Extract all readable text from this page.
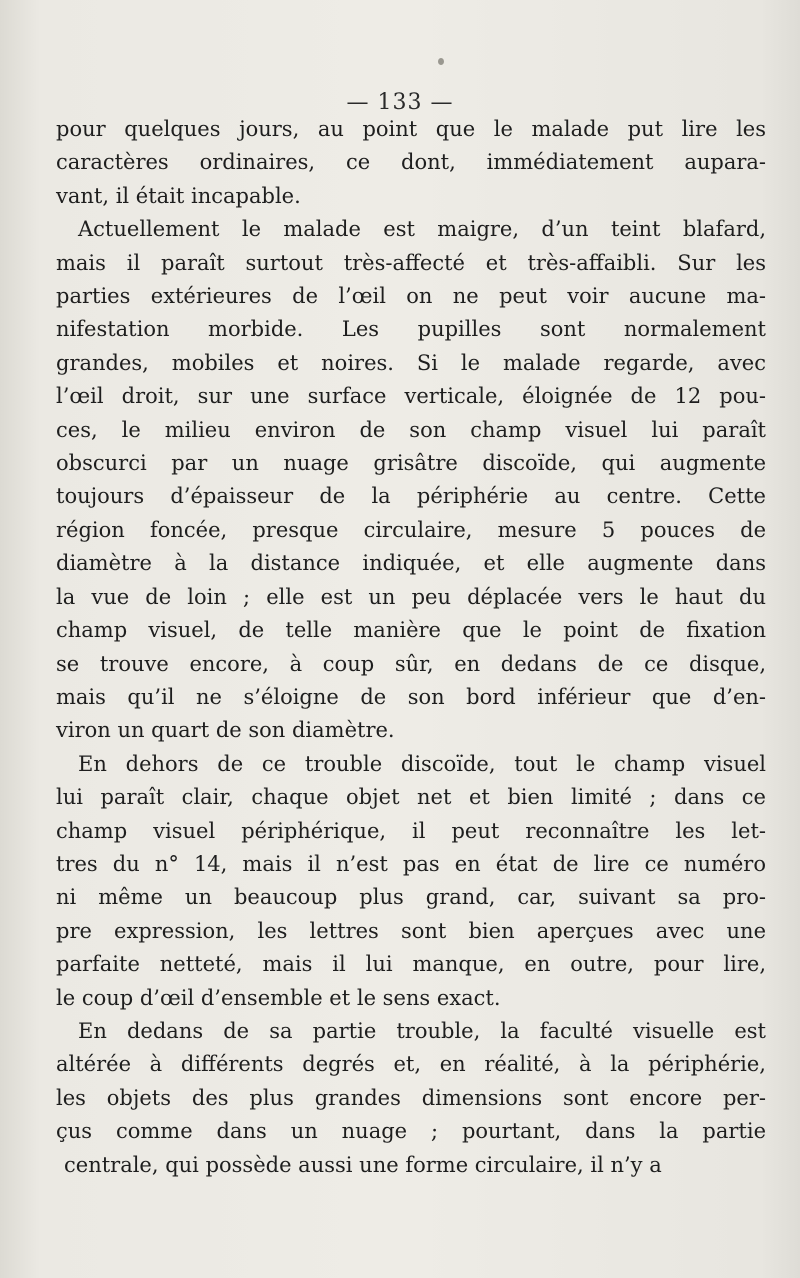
— 133 —

pour quelques jours, au point que le malade put lire les
caractères ordinaires, ce dont, immédiatement aupara-
vant, il était incapable.

Actuellement le malade est maigre, d’un teint blafard,
mais il paraît surtout très-affecté et très-affaibli. Sur les
parties extérieures de l’œil on ne peut voir aucune ma-
nifestation morbide. Les pupilles sont normalement
grandes, mobiles et noires. Si le malade regarde, avec
l’œil droit, sur une surface verticale, éloignée de 12 pou-
ces, le milieu environ de son champ visuel lui paraît
obscurci par un nuage grisâtre discoïde, qui augmente
toujours d’épaisseur de la périphérie au centre. Cette
région foncée, presque circulaire, mesure 5 pouces de
diamètre à la distance indiquée, et elle augmente dans
la vue de loin ; elle est un peu déplacée vers le haut du
champ visuel, de telle manière que le point de fixation
se trouve encore, à coup sûr, en dedans de ce disque,
mais qu’il ne s’éloigne de son bord inférieur que d’en-
viron un quart de son diamètre.

En dehors de ce trouble discoïde, tout le champ visuel
lui paraît clair, chaque objet net et bien limité ; dans ce
champ visuel périphérique, il peut reconnaître les let-
tres du n° 14, mais il n’est pas en état de lire ce numéro
ni même un beaucoup plus grand, car, suivant sa pro-
pre expression, les lettres sont bien aperçues avec une
parfaite netteté, mais il lui manque, en outre, pour lire,
le coup d’œil d’ensemble et le sens exact.

En dedans de sa partie trouble, la faculté visuelle est
altérée à différents degrés et, en réalité, à la périphérie,
les objets des plus grandes dimensions sont encore per-
çus comme dans un nuage ; pourtant, dans la partie
centrale, qui possède aussi une forme circulaire, il n’y a
